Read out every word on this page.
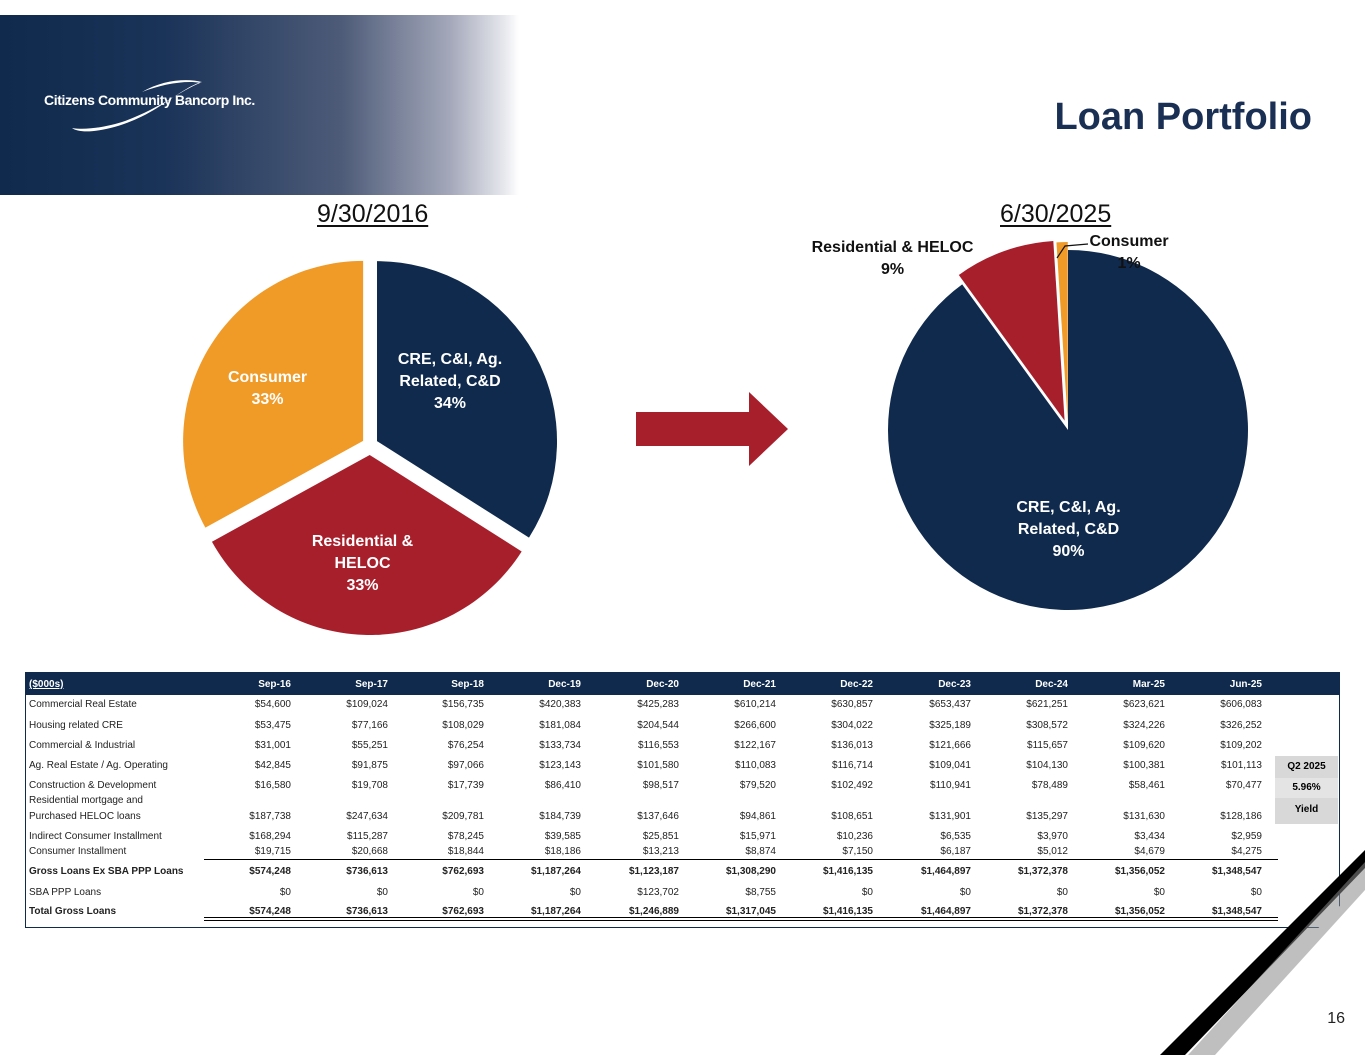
Citizens Community Bancorp Inc.	Loan Portfolio
9/30/2016
CRE, C&I, Ag.
Related, C&D
34%
Residential &
HELOC
33%
Consumer
33%
6/30/2025
CRE, C&I, Ag.
Related, C&D
90%
Residential & HELOC
9%
Consumer
1%
($000s)	Sep-16	Sep-17	Sep-18	Dec-19	Dec-20	Dec-21	Dec-22	Dec-23	Dec-24	Mar-25	Jun-25
Commercial Real Estate	$54,600	$109,024	$156,735	$420,383	$425,283	$610,214	$630,857	$653,437	$621,251	$623,621	$606,083
Housing related CRE	$53,475	$77,166	$108,029	$181,084	$204,544	$266,600	$304,022	$325,189	$308,572	$324,226	$326,252
Commercial & Industrial	$31,001	$55,251	$76,254	$133,734	$116,553	$122,167	$136,013	$121,666	$115,657	$109,620	$109,202
Ag. Real Estate / Ag. Operating	$42,845	$91,875	$97,066	$123,143	$101,580	$110,083	$116,714	$109,041	$104,130	$100,381	$101,113
Construction & Development	$16,580	$19,708	$17,739	$86,410	$98,517	$79,520	$102,492	$110,941	$78,489	$58,461	$70,477
Residential mortgage and
Purchased HELOC loans	$187,738	$247,634	$209,781	$184,739	$137,646	$94,861	$108,651	$131,901	$135,297	$131,630	$128,186
Indirect Consumer Installment	$168,294	$115,287	$78,245	$39,585	$25,851	$15,971	$10,236	$6,535	$3,970	$3,434	$2,959
Consumer Installment	$19,715	$20,668	$18,844	$18,186	$13,213	$8,874	$7,150	$6,187	$5,012	$4,679	$4,275
Gross Loans Ex SBA PPP Loans	$574,248	$736,613	$762,693	$1,187,264	$1,123,187	$1,308,290	$1,416,135	$1,464,897	$1,372,378	$1,356,052	$1,348,547
SBA PPP Loans	$0	$0	$0	$0	$123,702	$8,755	$0	$0	$0	$0	$0
Total Gross Loans	$574,248	$736,613	$762,693	$1,187,264	$1,246,889	$1,317,045	$1,416,135	$1,464,897	$1,372,378	$1,356,052	$1,348,547
Q2 2025
5.96%
Yield
16
